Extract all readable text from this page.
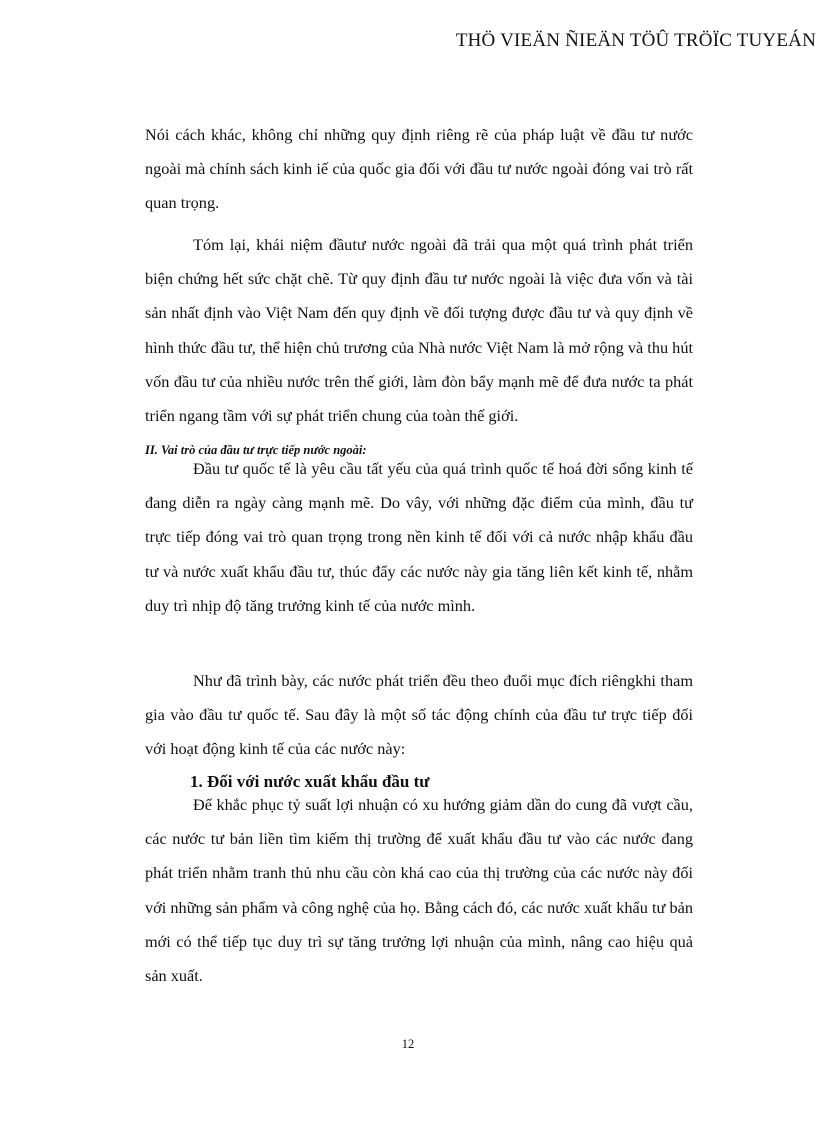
THÖ VIEÄN ÑIEÄN TÖÛ TRÖÏC TUYEÁN

Nói cách khác, không chỉ những quy định riêng rẽ của pháp luật về đầu tư nước ngoài mà chính sách kinh iế của quốc gia đối với đầu tư nước ngoài đóng vai trò rất quan trọng.

Tóm lại, khái niệm đầutư nước ngoài đã trải qua một quá trình phát triển biện chứng hết sức chặt chẽ. Từ quy định đầu tư nước ngoài là việc đưa vốn và tài sản nhất định vào Việt Nam đến quy định về đối tượng được đầu tư và quy định về hình thức đầu tư, thể hiện chủ trương của Nhà nước Việt Nam là mở rộng và thu hút vốn đầu tư của nhiều nước trên thế giới, làm đòn bẩy mạnh mẽ để đưa nước ta phát triển ngang tầm với sự phát triển chung của toàn thế giới.

II. Vai trò của đầu tư trực tiếp nước ngoài:

Đầu tư quốc tế là yêu cầu tất yếu của quá trình quốc tế hoá đời sống kinh tế đang diễn ra ngày càng mạnh mẽ. Do vây, với những đặc điểm của mình, đầu tư trực tiếp đóng vai trò quan trọng trong nền kinh tế đối với cả nước nhập khẩu đầu tư và nước xuất khẩu đầu tư, thúc đẩy các nước này gia tăng liên kết kinh tế, nhằm duy trì nhịp độ tăng trưởng kinh tế của nước mình.

Như đã trình bày, các nước phát triển đều theo đuổi mục đích riêngkhi tham gia vào đầu tư quốc tế. Sau đây là một số tác động chính của đầu tư trực tiếp đối với hoạt động kinh tế của các nước này:

1. Đối với nước xuất khẩu đầu tư

Để khắc phục tỷ suất lợi nhuận có xu hướng giảm dần do cung đã vượt cầu, các nước tư bản liền tìm kiếm thị trường để xuất khẩu đầu tư vào các nước đang phát triển nhằm tranh thủ nhu cầu còn khá cao của thị trường của các nước này đối với những sản phẩm và công nghệ của họ. Bằng cách đó, các nước xuất khẩu tư bản mới có thể tiếp tục duy trì sự tăng trưởng lợi nhuận của mình, nâng cao hiệu quả sản xuất.

12
